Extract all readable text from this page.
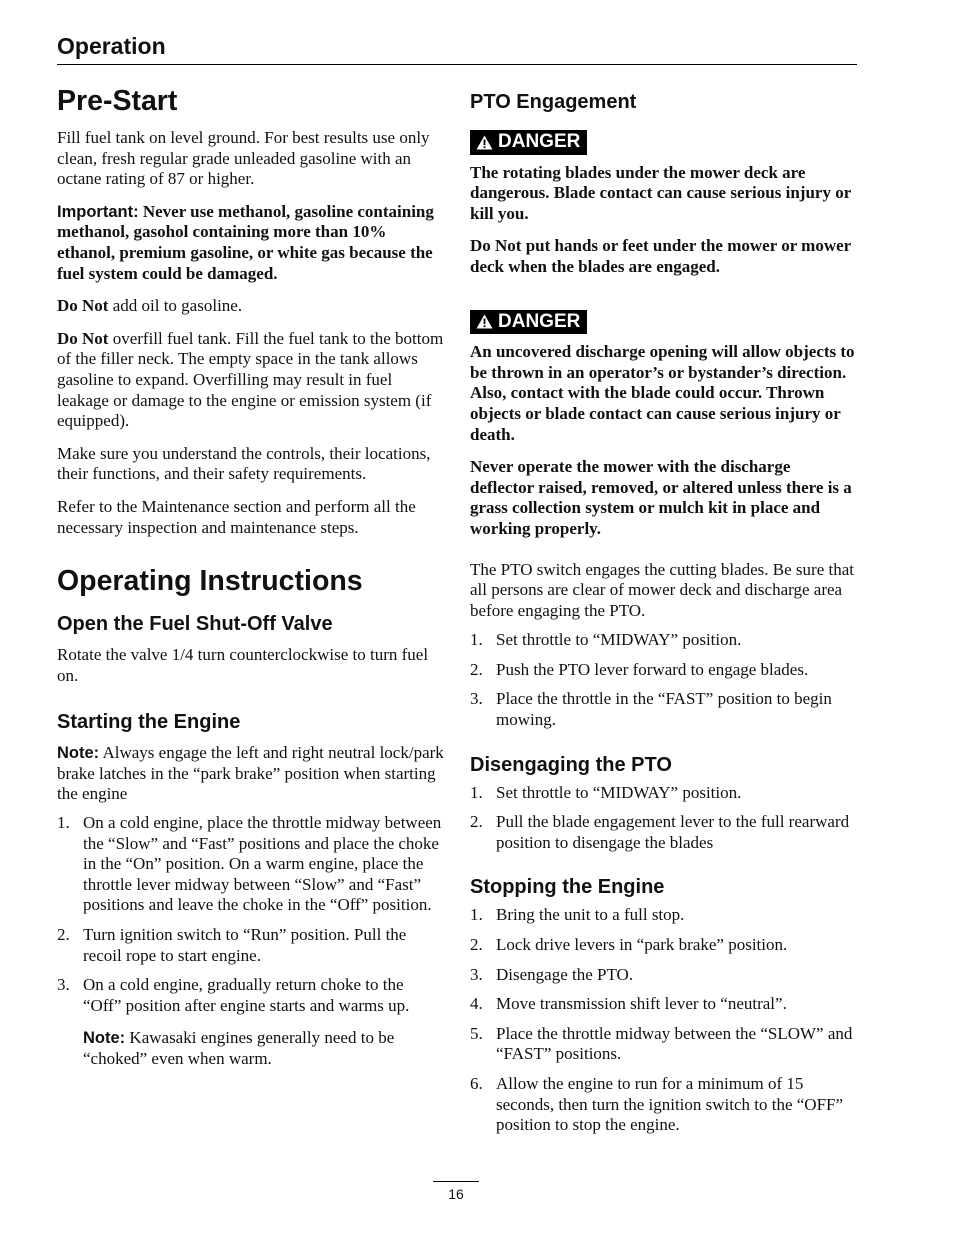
Operation
Pre-Start

Fill fuel tank on level ground. For best results use only clean, fresh regular grade unleaded gasoline with an octane rating of 87 or higher.

Important: Never use methanol, gasoline containing methanol, gasohol containing more than 10% ethanol, premium gasoline, or white gas because the fuel system could be damaged.

Do Not add oil to gasoline.

Do Not overfill fuel tank. Fill the fuel tank to the bottom of the filler neck. The empty space in the tank allows gasoline to expand. Overfilling may result in fuel leakage or damage to the engine or emission system (if equipped).

Make sure you understand the controls, their locations, their functions, and their safety requirements.

Refer to the Maintenance section and perform all the necessary inspection and maintenance steps.

Operating Instructions
Open the Fuel Shut-Off Valve

Rotate the valve 1/4 turn counterclockwise to turn fuel on.

Starting the Engine

Note: Always engage the left and right neutral lock/park brake latches in the “park brake” position when starting the engine

1. On a cold engine, place the throttle midway between the “Slow” and “Fast” positions and place the choke in the “On” position. On a warm engine, place the throttle lever midway between “Slow” and “Fast” positions and leave the choke in the “Off” position.
2. Turn ignition switch to “Run” position. Pull the recoil rope to start engine.
3. On a cold engine, gradually return choke to the “Off” position after engine starts and warms up.

Note: Kawasaki engines generally need to be “choked” even when warm.

PTO Engagement
DANGER

The rotating blades under the mower deck are dangerous. Blade contact can cause serious injury or kill you.

Do Not put hands or feet under the mower or mower deck when the blades are engaged.

DANGER

An uncovered discharge opening will allow objects to be thrown in an operator’s or bystander’s direction. Also, contact with the blade could occur. Thrown objects or blade contact can cause serious injury or death.

Never operate the mower with the discharge deflector raised, removed, or altered unless there is a grass collection system or mulch kit in place and working properly.

The PTO switch engages the cutting blades. Be sure that all persons are clear of mower deck and discharge area before engaging the PTO.

1. Set throttle to “MIDWAY” position.
2. Push the PTO lever forward to engage blades.
3. Place the throttle in the “FAST” position to begin mowing.
Disengaging the PTO
1. Set throttle to “MIDWAY” position.
2. Pull the blade engagement lever to the full rearward position to disengage the blades
Stopping the Engine
1. Bring the unit to a full stop.
2. Lock drive levers in “park brake” position.
3. Disengage the PTO.
4. Move transmission shift lever to “neutral”.
5. Place the throttle midway between the “SLOW” and “FAST” positions.
6. Allow the engine to run for a minimum of 15 seconds, then turn the ignition switch to the “OFF” position to stop the engine.
16
